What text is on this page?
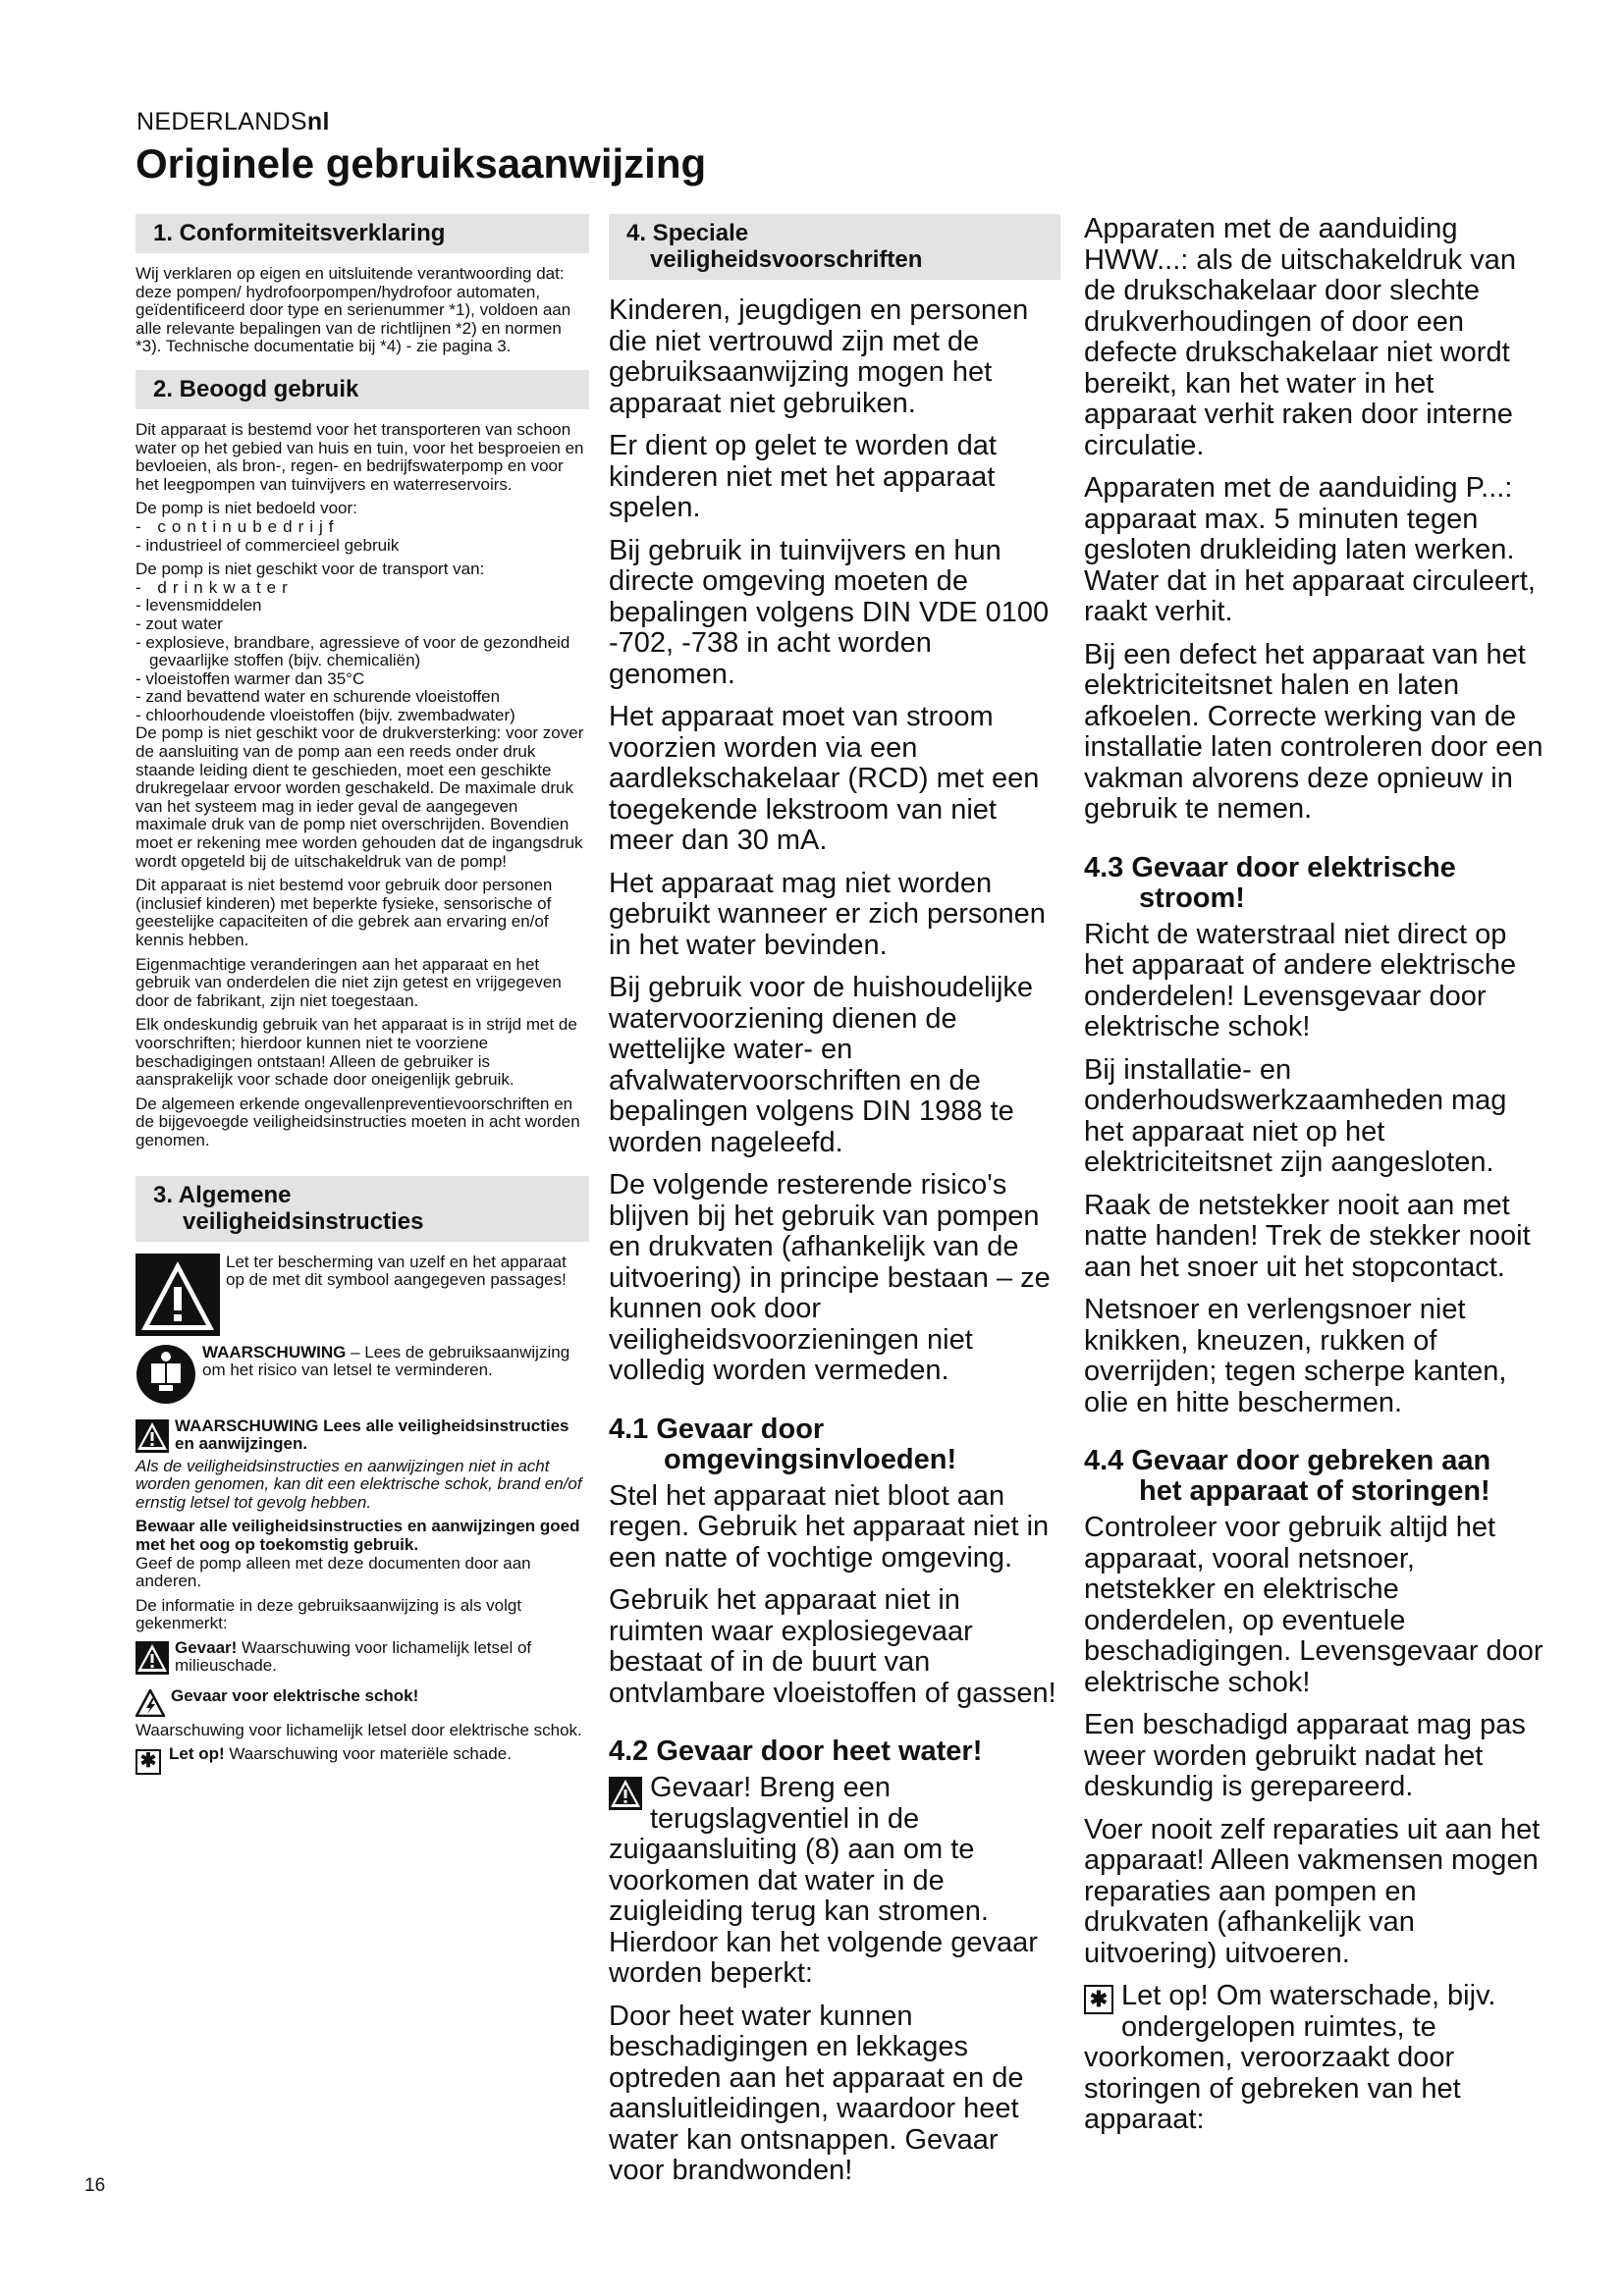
NEDERLANDSnl
Originele gebruiksaanwijzing
1. Conformiteitsverklaring

Wij verklaren op eigen en uitsluitende verantwoording dat: deze pompen/ hydrofoorpompen/hydrofoor automaten, geïdentificeerd door type en serienummer *1), voldoen aan alle relevante bepalingen van de richtlijnen *2) en normen *3). Technische documentatie bij *4) - zie pagina 3.

2. Beoogd gebruik

Dit apparaat is bestemd voor het transporteren van schoon water op het gebied van huis en tuin, voor het besproeien en bevloeien, als bron-, regen- en bedrijfswaterpomp en voor het leegpompen van tuinvijvers en waterreservoirs.

De pomp is niet bedoeld voor:

- continubedrijf
- industrieel of commercieel gebruik

De pomp is niet geschikt voor de transport van:

- drinkwater
- levensmiddelen
- zout water
- explosieve, brandbare, agressieve of voor de gezondheid gevaarlijke stoffen (bijv. chemicaliën)
- vloeistoffen warmer dan 35°C
- zand bevattend water en schurende vloeistoffen
- chloorhoudende vloeistoffen (bijv. zwembadwater)

De pomp is niet geschikt voor de drukversterking: voor zover de aansluiting van de pomp aan een reeds onder druk staande leiding dient te geschieden, moet een geschikte drukregelaar ervoor worden geschakeld. De maximale druk van het systeem mag in ieder geval de aangegeven maximale druk van de pomp niet overschrijden. Bovendien moet er rekening mee worden gehouden dat de ingangsdruk wordt opgeteld bij de uitschakeldruk van de pomp!

Dit apparaat is niet bestemd voor gebruik door personen (inclusief kinderen) met beperkte fysieke, sensorische of geestelijke capaciteiten of die gebrek aan ervaring en/of kennis hebben.

Eigenmachtige veranderingen aan het apparaat en het gebruik van onderdelen die niet zijn getest en vrijgegeven door de fabrikant, zijn niet toegestaan.

Elk ondeskundig gebruik van het apparaat is in strijd met de voorschriften; hierdoor kunnen niet te voorziene beschadigingen ontstaan! Alleen de gebruiker is aansprakelijk voor schade door oneigenlijk gebruik.

De algemeen erkende ongevallenpreventievoorschriften en de bijgevoegde veiligheidsinstructies moeten in acht worden genomen.

3. Algemene
veiligheidsinstructies
Let ter bescherming van uzelf en het apparaat op de met dit symbool aangegeven passages!
WAARSCHUWING – Lees de gebruiksaanwijzing om het risico van letsel te verminderen.
WAARSCHUWING Lees alle veiligheidsinstructies en aanwijzingen.

Als de veiligheidsinstructies en aanwijzingen niet in acht worden genomen, kan dit een elektrische schok, brand en/of ernstig letsel tot gevolg hebben.

Bewaar alle veiligheidsinstructies en aanwijzingen goed met het oog op toekomstig gebruik.

Geef de pomp alleen met deze documenten door aan anderen.

De informatie in deze gebruiksaanwijzing is als volgt gekenmerkt:

Gevaar! Waarschuwing voor lichamelijk letsel of milieuschade.
Gevaar voor elektrische schok!

Waarschuwing voor lichamelijk letsel door elektrische schok.

✱ Let op! Waarschuwing voor materiële schade.
4. Speciale
veiligheidsvoorschriften

Kinderen, jeugdigen en personen die niet vertrouwd zijn met de gebruiksaanwijzing mogen het apparaat niet gebruiken.

Er dient op gelet te worden dat kinderen niet met het apparaat spelen.

Bij gebruik in tuinvijvers en hun directe omgeving moeten de bepalingen volgens DIN VDE 0100 -702, -738 in acht worden genomen.

Het apparaat moet van stroom voorzien worden via een aardlekschakelaar (RCD) met een toegekende lekstroom van niet meer dan 30 mA.

Het apparaat mag niet worden gebruikt wanneer er zich personen in het water bevinden.

Bij gebruik voor de huishoudelijke watervoorziening dienen de wettelijke water- en afvalwatervoorschriften en de bepalingen volgens DIN 1988 te worden nageleefd.

De volgende resterende risico's blijven bij het gebruik van pompen en drukvaten (afhankelijk van de uitvoering) in principe bestaan – ze kunnen ook door veiligheidsvoorzieningen niet volledig worden vermeden.

4.1 Gevaar door
omgevingsinvloeden!

Stel het apparaat niet bloot aan regen. Gebruik het apparaat niet in een natte of vochtige omgeving.

Gebruik het apparaat niet in ruimten waar explosiegevaar bestaat of in de buurt van ontvlambare vloeistoffen of gassen!

4.2 Gevaar door heet water!

Gevaar! Breng een terugslagventiel in de zuigaansluiting (8) aan om te voorkomen dat water in de zuigleiding terug kan stromen. Hierdoor kan het volgende gevaar worden beperkt:

Door heet water kunnen beschadigingen en lekkages optreden aan het apparaat en de aansluitleidingen, waardoor heet water kan ontsnappen. Gevaar voor brandwonden!

Apparaten met de aanduiding HWW...: als de uitschakeldruk van de drukschakelaar door slechte drukverhoudingen of door een defecte drukschakelaar niet wordt bereikt, kan het water in het apparaat verhit raken door interne circulatie.

Apparaten met de aanduiding P...: apparaat max. 5 minuten tegen gesloten drukleiding laten werken. Water dat in het apparaat circuleert, raakt verhit.

Bij een defect het apparaat van het elektriciteitsnet halen en laten afkoelen. Correcte werking van de installatie laten controleren door een vakman alvorens deze opnieuw in gebruik te nemen.

4.3 Gevaar door elektrische
stroom!

Richt de waterstraal niet direct op het apparaat of andere elektrische onderdelen! Levensgevaar door elektrische schok!

Bij installatie- en onderhoudswerkzaamheden mag het apparaat niet op het elektriciteitsnet zijn aangesloten.

Raak de netstekker nooit aan met natte handen! Trek de stekker nooit aan het snoer uit het stopcontact.

Netsnoer en verlengsnoer niet knikken, kneuzen, rukken of overrijden; tegen scherpe kanten, olie en hitte beschermen.

4.4 Gevaar door gebreken aan
het apparaat of storingen!

Controleer voor gebruik altijd het apparaat, vooral netsnoer, netstekker en elektrische onderdelen, op eventuele beschadigingen. Levensgevaar door elektrische schok!

Een beschadigd apparaat mag pas weer worden gebruikt nadat het deskundig is gerepareerd.

Voer nooit zelf reparaties uit aan het apparaat! Alleen vakmensen mogen reparaties aan pompen en drukvaten (afhankelijk van uitvoering) uitvoeren.

✱ Let op! Om waterschade, bijv. ondergelopen ruimtes, te voorkomen, veroorzaakt door storingen of gebreken van het apparaat:

16
